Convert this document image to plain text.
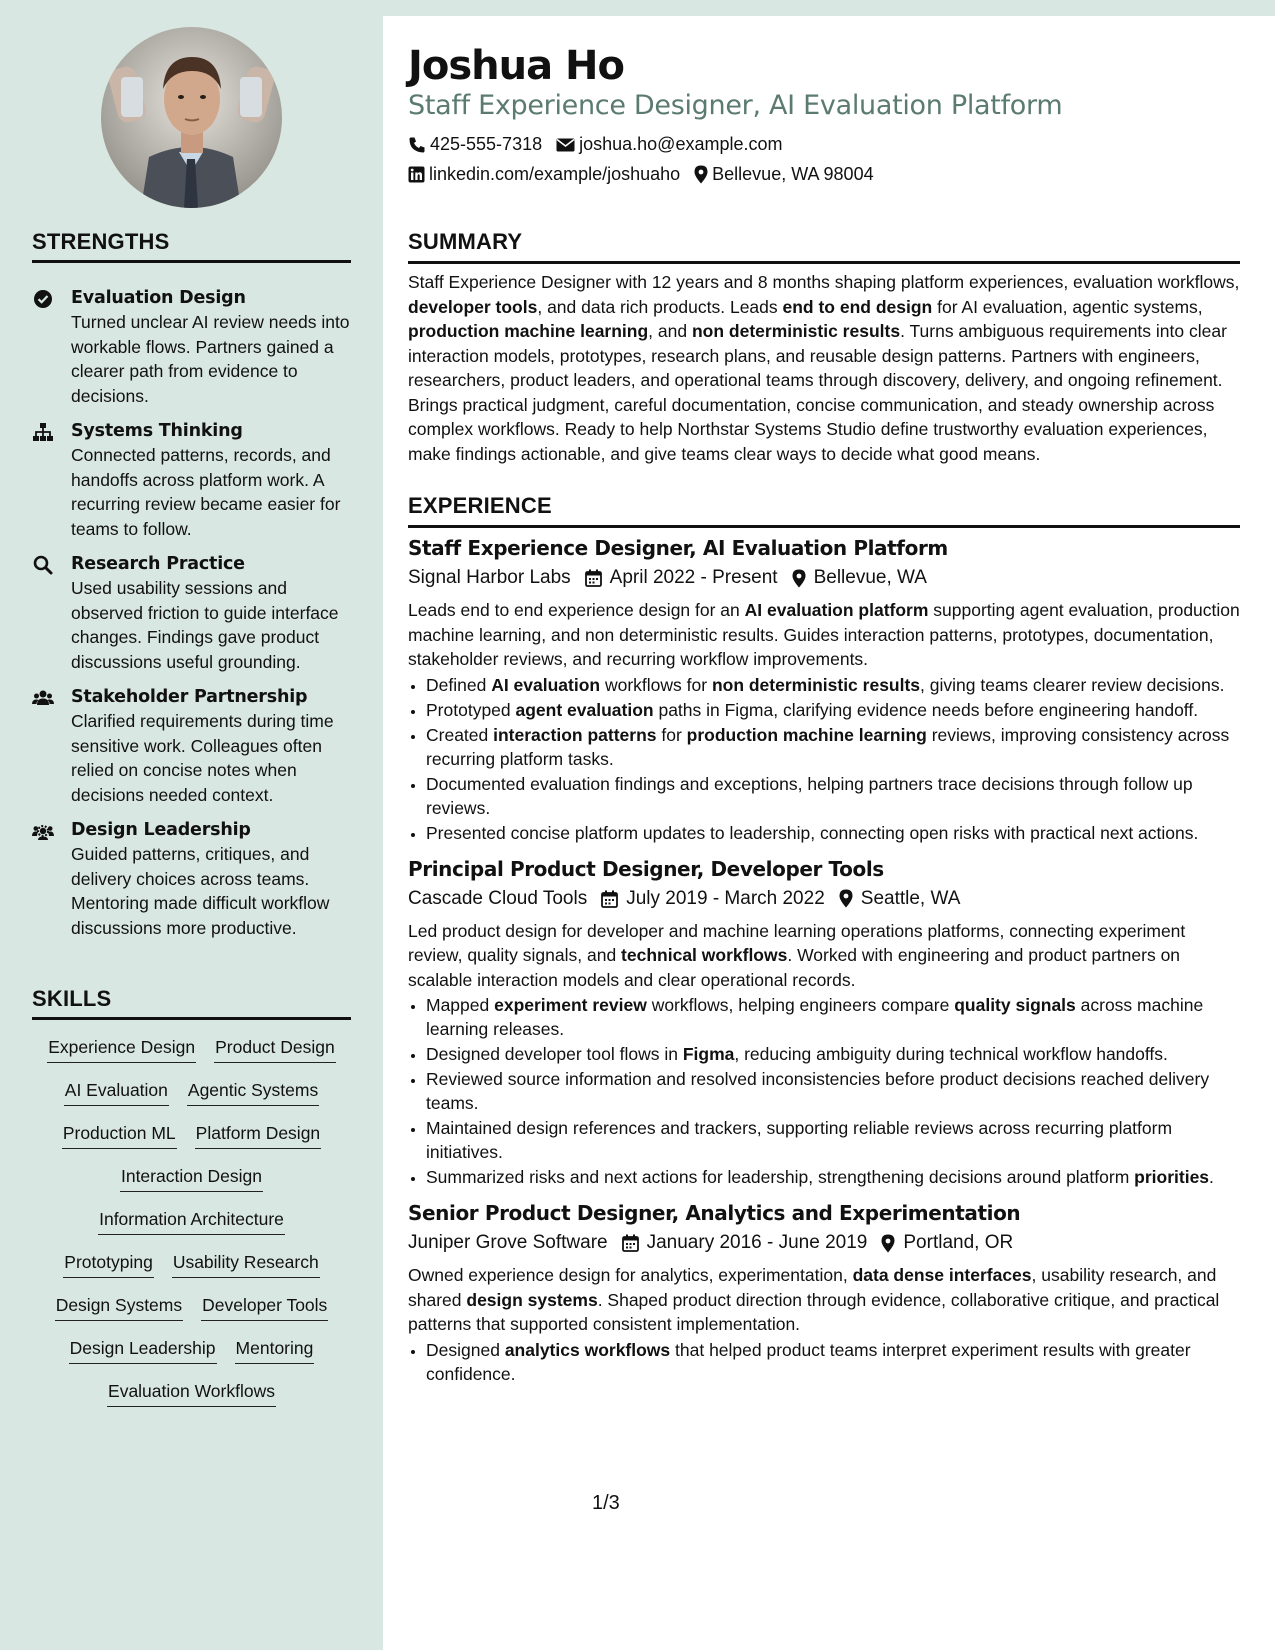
STRENGTHS
Evaluation Design
Turned unclear AI review needs into workable flows. Partners gained a clearer path from evidence to decisions.
Systems Thinking
Connected patterns, records, and handoffs across platform work. A recurring review became easier for teams to follow.
Research Practice
Used usability sessions and observed friction to guide interface changes. Findings gave product discussions useful grounding.
Stakeholder Partnership
Clarified requirements during time sensitive work. Colleagues often relied on concise notes when decisions needed context.
Design Leadership
Guided patterns, critiques, and delivery choices across teams. Mentoring made difficult workflow discussions more productive.
SKILLS
Experience Design Product Design
AI Evaluation Agentic Systems
Production ML Platform Design
Interaction Design
Information Architecture
Prototyping Usability Research
Design Systems Developer Tools
Design Leadership Mentoring
Evaluation Workflows
Joshua Ho
Staff Experience Designer, AI Evaluation Platform
425-555-7318 joshua.ho@example.com
linkedin.com/example/joshuaho Bellevue, WA 98004
SUMMARY

Staff Experience Designer with 12 years and 8 months shaping platform experiences, evaluation workflows, developer tools, and data rich products. Leads end to end design for AI evaluation, agentic systems, production machine learning, and non deterministic results. Turns ambiguous requirements into clear interaction models, prototypes, research plans, and reusable design patterns. Partners with engineers, researchers, product leaders, and operational teams through discovery, delivery, and ongoing refinement. Brings practical judgment, careful documentation, concise communication, and steady ownership across complex workflows. Ready to help Northstar Systems Studio define trustworthy evaluation experiences, make findings actionable, and give teams clear ways to decide what good means.

EXPERIENCE
Staff Experience Designer, AI Evaluation Platform
Signal Harbor Labs April 2022 - Present Bellevue, WA

Leads end to end experience design for an AI evaluation platform supporting agent evaluation, production machine learning, and non deterministic results. Guides interaction patterns, prototypes, documentation, stakeholder reviews, and recurring workflow improvements.

• Defined AI evaluation workflows for non deterministic results, giving teams clearer review decisions.
• Prototyped agent evaluation paths in Figma, clarifying evidence needs before engineering handoff.
• Created interaction patterns for production machine learning reviews, improving consistency across recurring platform tasks.
• Documented evaluation findings and exceptions, helping partners trace decisions through follow up reviews.
• Presented concise platform updates to leadership, connecting open risks with practical next actions.
Principal Product Designer, Developer Tools
Cascade Cloud Tools July 2019 - March 2022 Seattle, WA

Led product design for developer and machine learning operations platforms, connecting experiment review, quality signals, and technical workflows. Worked with engineering and product partners on scalable interaction models and clear operational records.

• Mapped experiment review workflows, helping engineers compare quality signals across machine learning releases.
• Designed developer tool flows in Figma, reducing ambiguity during technical workflow handoffs.
• Reviewed source information and resolved inconsistencies before product decisions reached delivery teams.
• Maintained design references and trackers, supporting reliable reviews across recurring platform initiatives.
• Summarized risks and next actions for leadership, strengthening decisions around platform priorities.
Senior Product Designer, Analytics and Experimentation
Juniper Grove Software January 2016 - June 2019 Portland, OR

Owned experience design for analytics, experimentation, data dense interfaces, usability research, and shared design systems. Shaped product direction through evidence, collaborative critique, and practical patterns that supported consistent implementation.

• Designed analytics workflows that helped product teams interpret experiment results with greater confidence.
1/3
